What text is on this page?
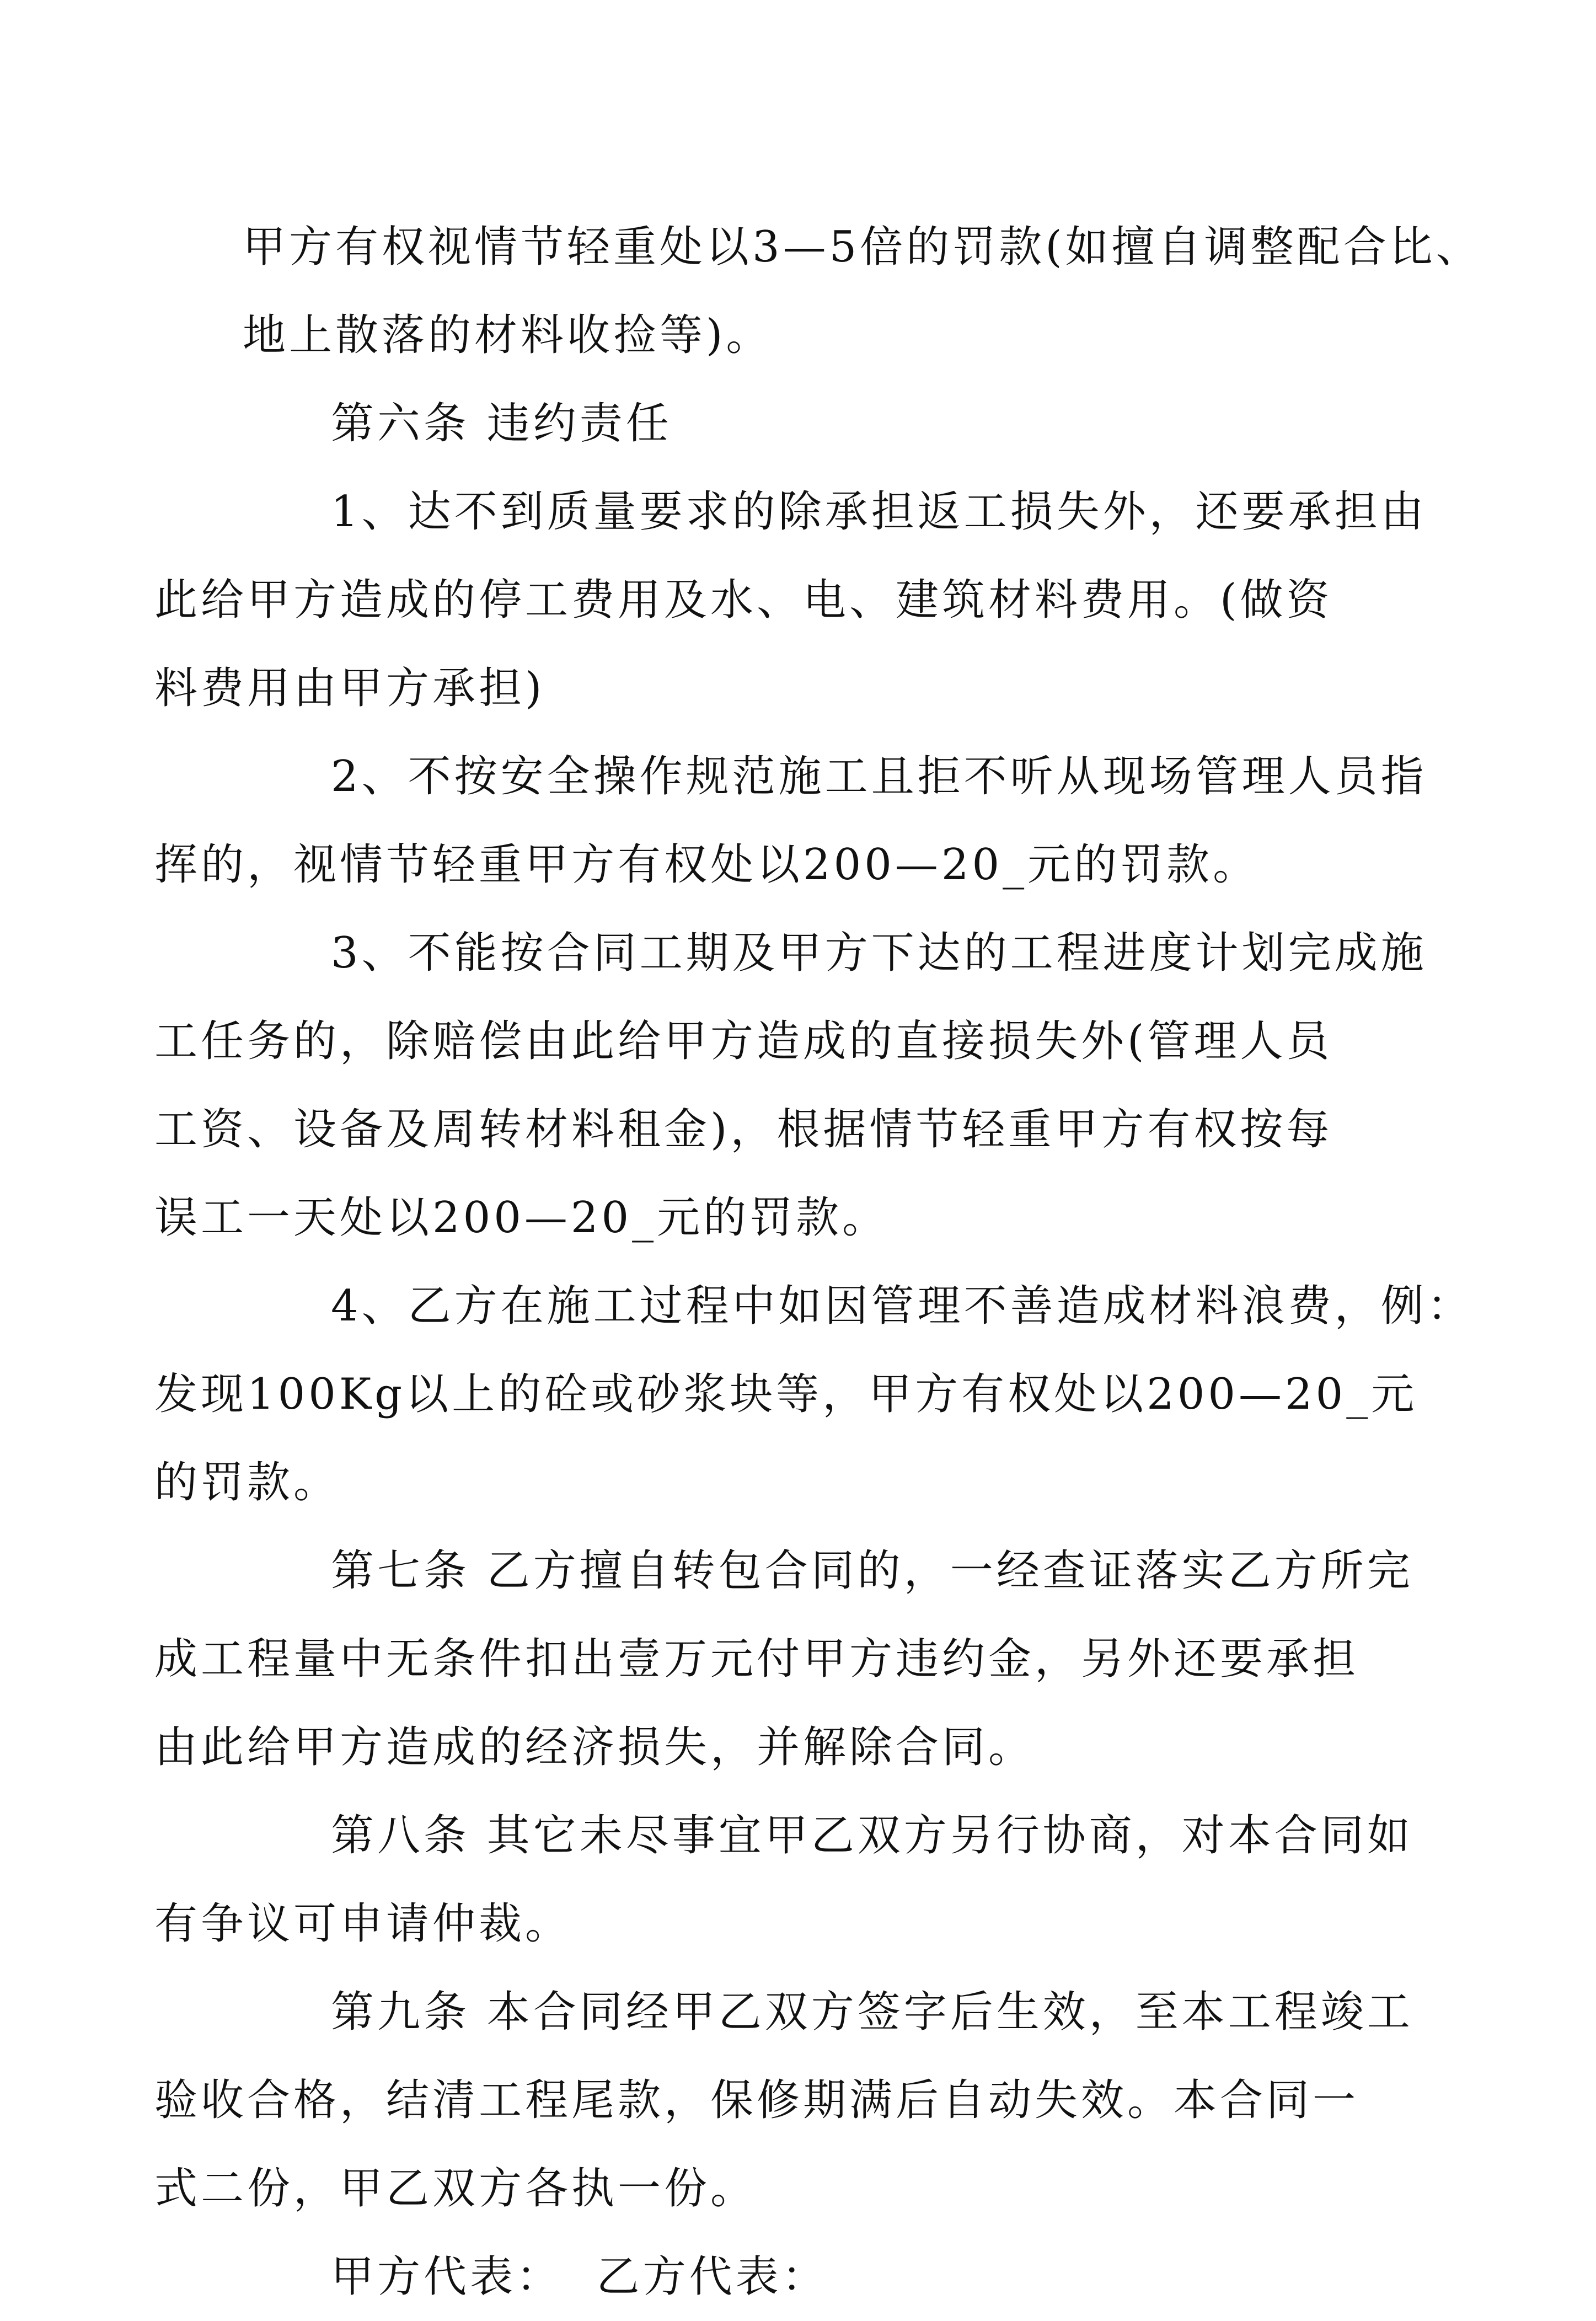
甲方有权视情节轻重处以3—5倍的罚款(如擅自调整配合比、
地上散落的材料收捡等)。

第六条 违约责任

1、达不到质量要求的除承担返工损失外，还要承担由
此给甲方造成的停工费用及水、电、建筑材料费用。(做资
料费用由甲方承担)

2、不按安全操作规范施工且拒不听从现场管理人员指
挥的，视情节轻重甲方有权处以200—20_元的罚款。

3、不能按合同工期及甲方下达的工程进度计划完成施
工任务的，除赔偿由此给甲方造成的直接损失外(管理人员
工资、设备及周转材料租金)，根据情节轻重甲方有权按每
误工一天处以200—20_元的罚款。

4、乙方在施工过程中如因管理不善造成材料浪费，例：
发现100Kg以上的砼或砂浆块等，甲方有权处以200—20_元
的罚款。

第七条 乙方擅自转包合同的，一经查证落实乙方所完
成工程量中无条件扣出壹万元付甲方违约金，另外还要承担
由此给甲方造成的经济损失，并解除合同。

第八条 其它未尽事宜甲乙双方另行协商，对本合同如
有争议可申请仲裁。

第九条 本合同经甲乙双方签字后生效，至本工程竣工
验收合格，结清工程尾款，保修期满后自动失效。本合同一
式二份，甲乙双方各执一份。

甲方代表：  乙方代表：
